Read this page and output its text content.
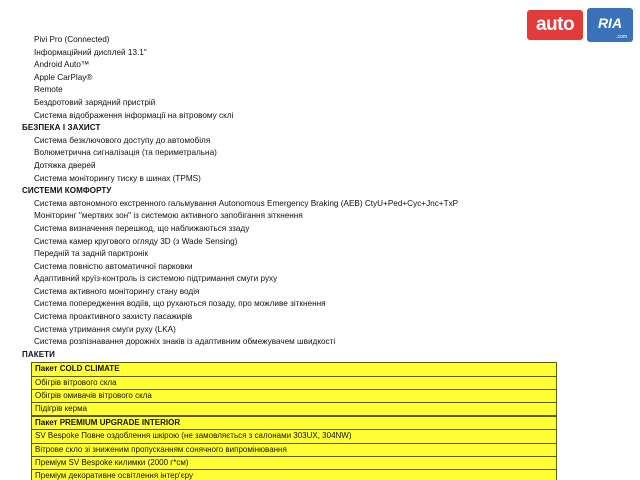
auto	RIA
.com
Pivi Pro (Connected)
Інформаційний дисплей 13.1"
Android Auto™
Apple CarPlay®
Remote
Бездротовий зарядний пристрій
Система відображення інформації на вітровому склі
БЕЗПЕКА І ЗАХИСТ
Система безключового доступу до автомобіля
Волюметрична сигналізація (та периметральна)
Дотяжка дверей
Система моніторингу тиску в шинах (TPMS)
СИСТЕМИ КОМФОРТУ
Система автономного екстренного гальмування Autonomous Emergency Braking (AEB) CtyU+Ped+Cyc+Jnc+TxP
Моніторинг "мертвих зон" із системою активного запобігання зіткнення
Система визначення перешкод, що наближаються ззаду
Система камер кругового огляду 3D (з Wade Sensing)
Передній та задній парктронік
Система повністю автоматичної парковки
Адаптивний круїз-контроль із системою підтримання смуги руху
Система активного моніторингу стану водія
Система попередження водіїв, що рухаються позаду, про можливе зіткнення
Система проактивного захисту пасажирів
Система утримання смуги руху (LKA)
Система розпізнавання дорожніх знаків із адаптивним обмежувачем швидкості
ПАКЕТИ
Пакет COLD CLIMATE
Обігрів вітрового скла
Обігрів омивачів вітрового скла
Підігрів керма
Пакет PREMIUM UPGRADE INTERIOR
SV Bespoke Повне оздоблення шкірою (не замовляється з салонами 303UX, 304NW)
Вітрове скло зі зниженим пропусканням сонячного випромінювання
Преміум SV Bespoke килимки (2000 г*см)
Преміум декоративне освітлення інтер'єру
